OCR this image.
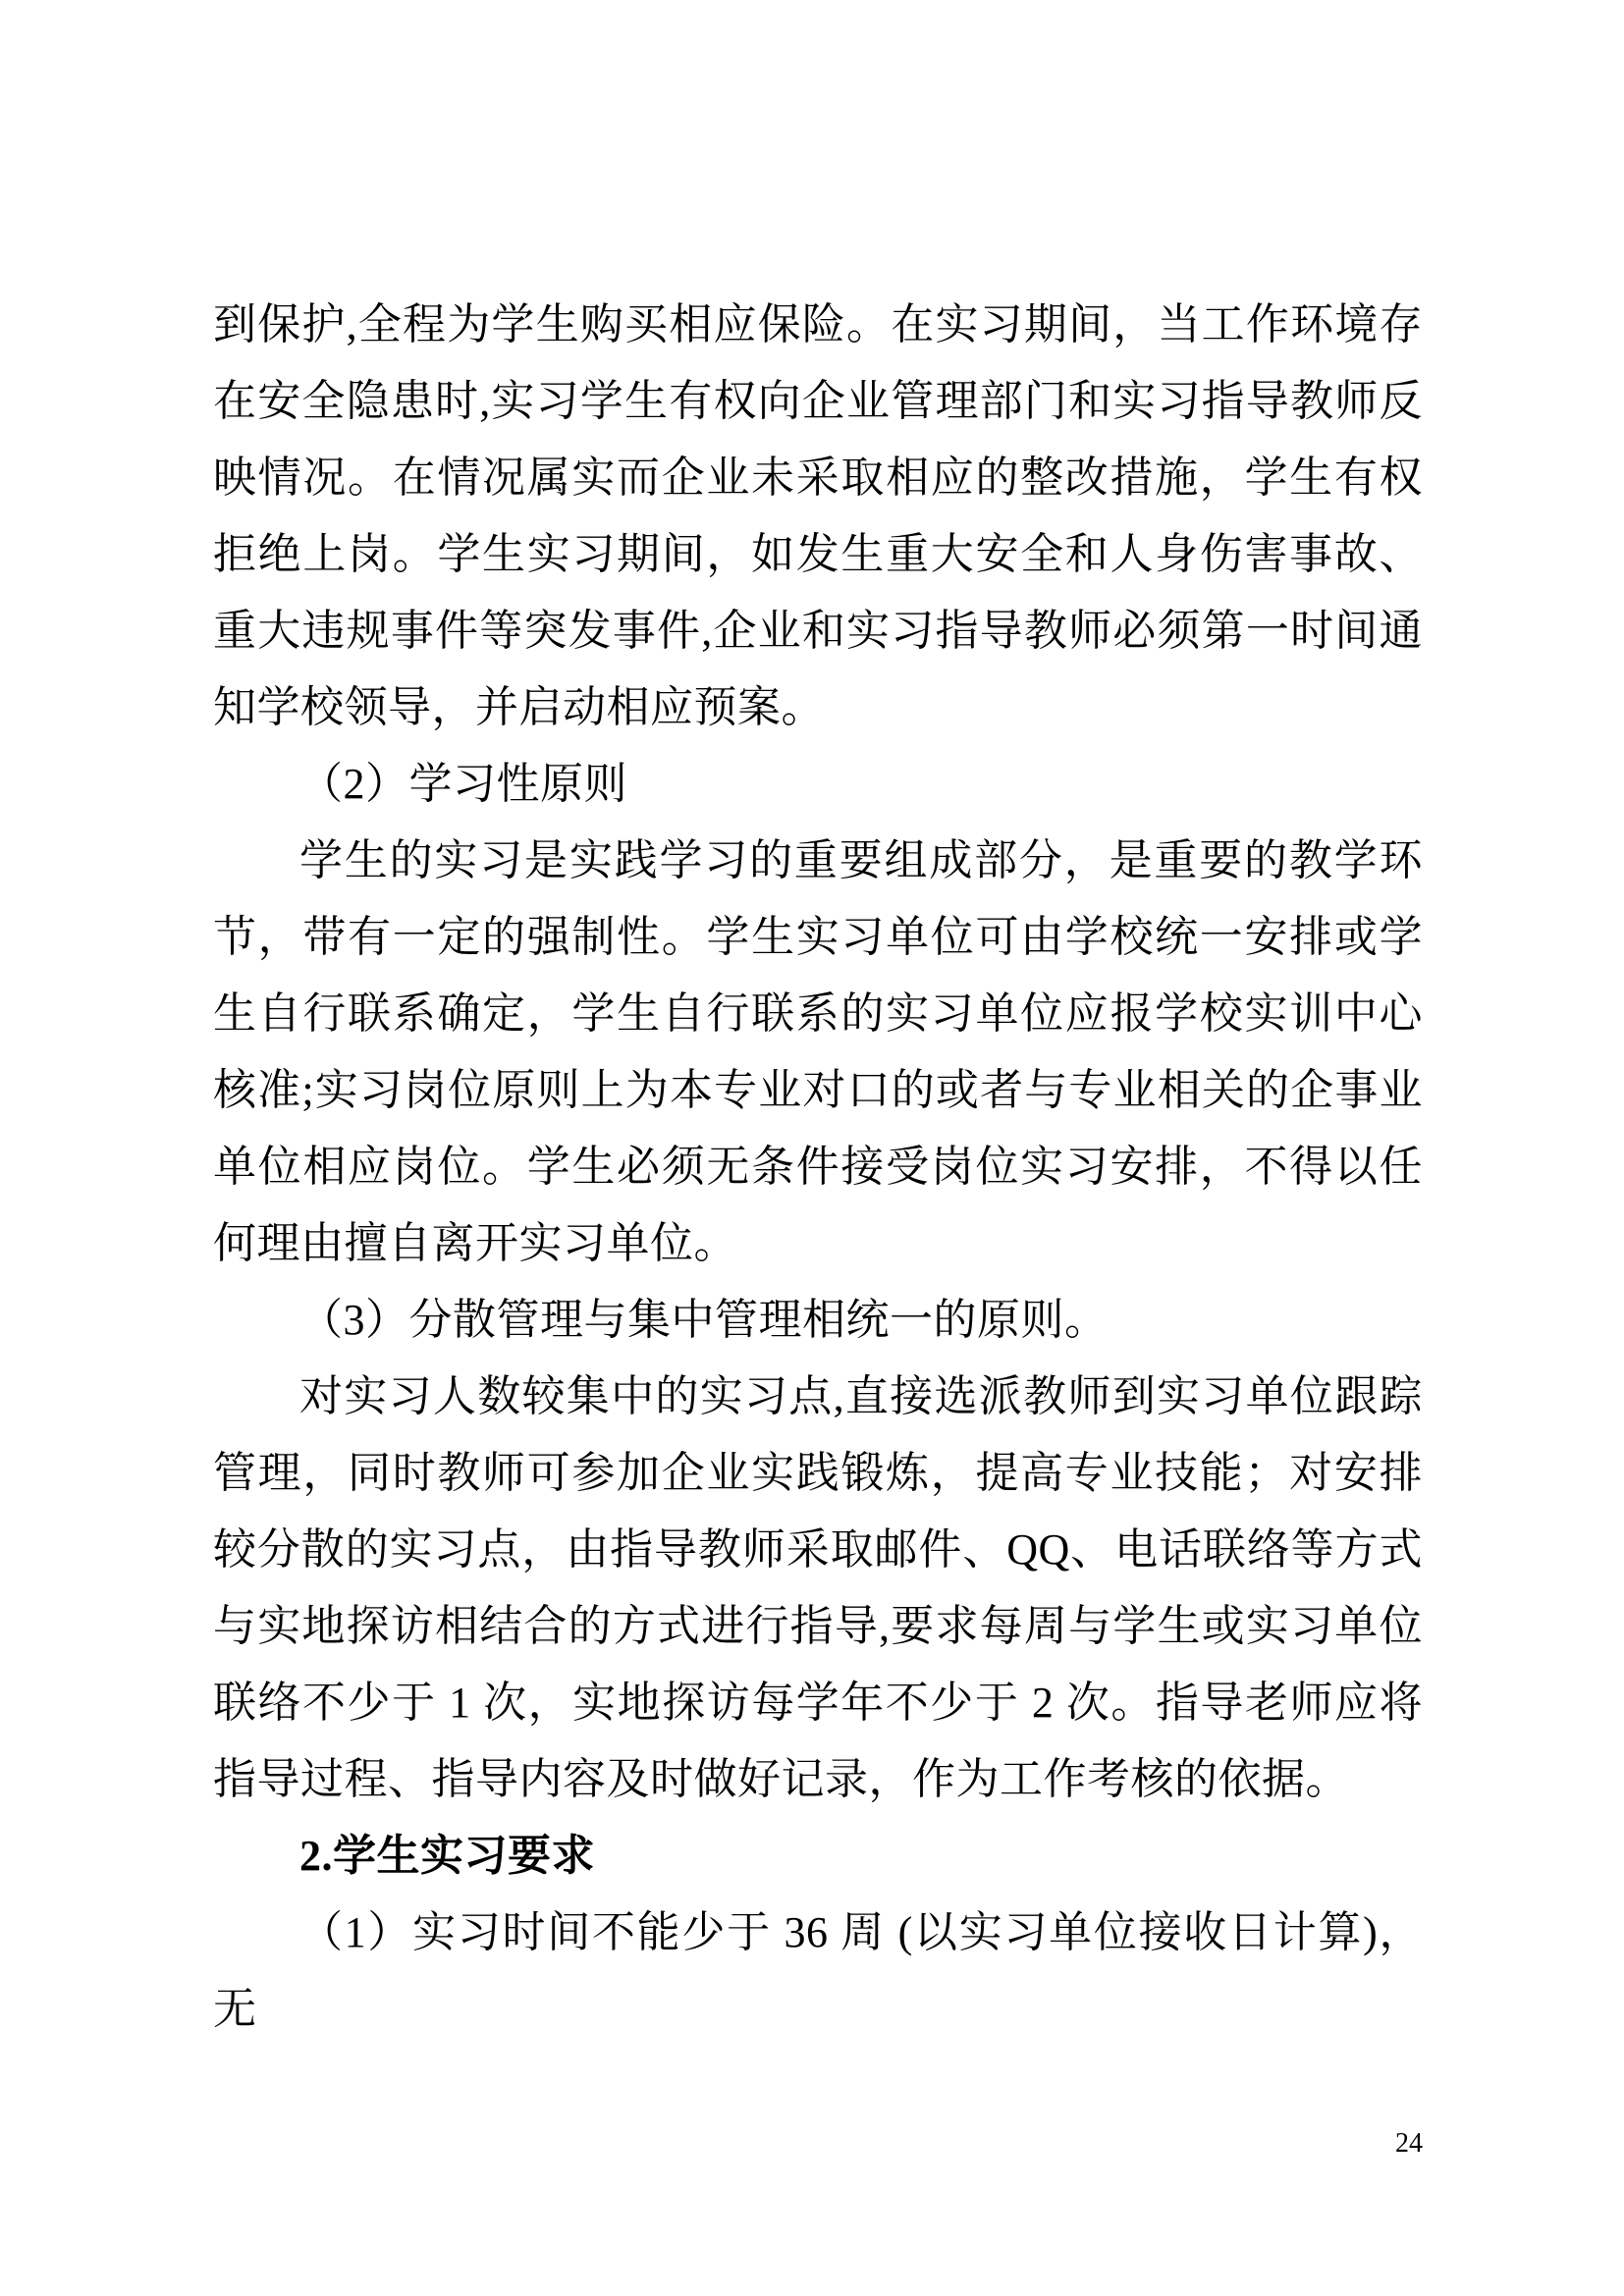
到保护,全程为学生购买相应保险。在实习期间，当工作环境存在安全隐患时,实习学生有权向企业管理部门和实习指导教师反映情况。在情况属实而企业未采取相应的整改措施，学生有权拒绝上岗。学生实习期间，如发生重大安全和人身伤害事故、重大违规事件等突发事件,企业和实习指导教师必须第一时间通知学校领导，并启动相应预案。

（2）学习性原则

学生的实习是实践学习的重要组成部分，是重要的教学环节，带有一定的强制性。学生实习单位可由学校统一安排或学生自行联系确定，学生自行联系的实习单位应报学校实训中心核准;实习岗位原则上为本专业对口的或者与专业相关的企事业单位相应岗位。学生必须无条件接受岗位实习安排，不得以任何理由擅自离开实习单位。

（3）分散管理与集中管理相统一的原则。

对实习人数较集中的实习点,直接选派教师到实习单位跟踪管理，同时教师可参加企业实践锻炼，提高专业技能；对安排较分散的实习点，由指导教师采取邮件、QQ、电话联络等方式与实地探访相结合的方式进行指导,要求每周与学生或实习单位联络不少于 1 次，实地探访每学年不少于 2 次。指导老师应将指导过程、指导内容及时做好记录，作为工作考核的依据。

2.学生实习要求

（1）实习时间不能少于 36 周 (以实习单位接收日计算)，无

24
